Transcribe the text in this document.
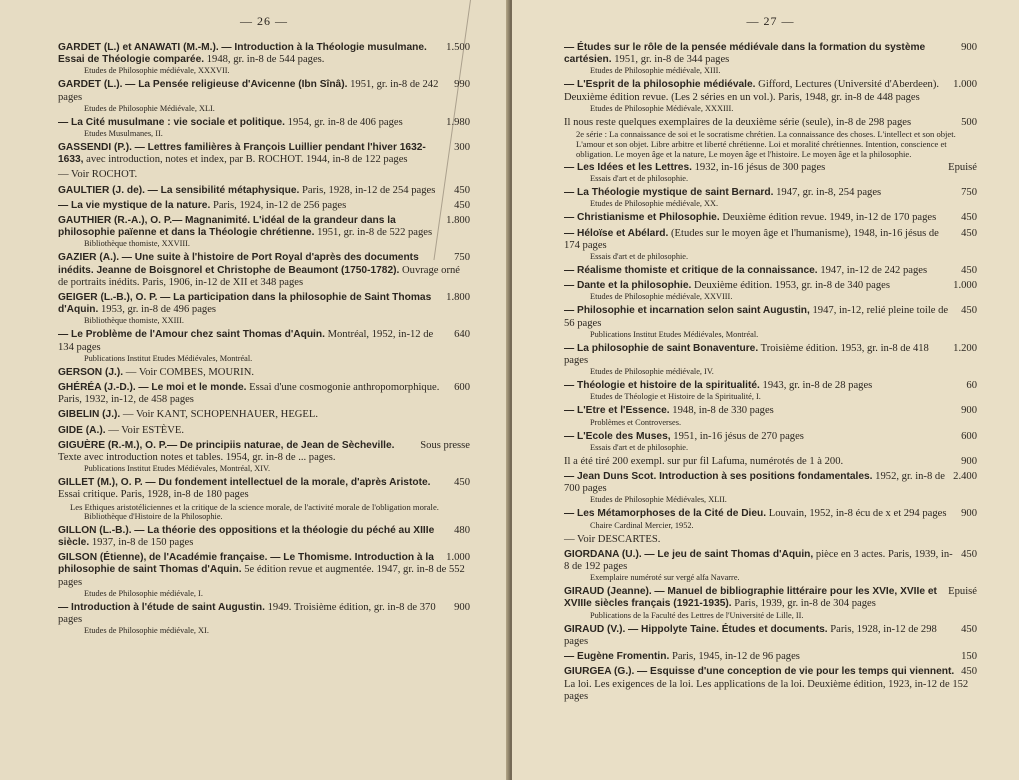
— 26 —
1.500
GARDET (L.) et ANAWATI (M.-M.). — Introduction à la Théologie musulmane. Essai de Théologie comparée. 1948, gr. in-8 de 544 pages.
Etudes de Philosophie médiévale, XXXVII.
990
GARDET (L.). — La Pensée religieuse d'Avicenne (Ibn Sînâ). 1951, gr. in-8 de 242 pages
Etudes de Philosophie Médiévale, XLI.
1.980
— La Cité musulmane : vie sociale et politique. 1954, gr. in-8 de 406 pages
Etudes Musulmanes, II.
300
GASSENDI (P.). — Lettres familières à François Luillier pendant l'hiver 1632-1633, avec introduction, notes et index, par B. ROCHOT. 1944, in-8 de 122 pages
— Voir ROCHOT.
450
GAULTIER (J. de). — La sensibilité métaphysique. Paris, 1928, in-12 de 254 pages
450
— La vie mystique de la nature. Paris, 1924, in-12 de 256 pages
1.800
GAUTHIER (R.-A.), O. P.— Magnanimité. L'idéal de la grandeur dans la philosophie païenne et dans la Théologie chrétienne. 1951, gr. in-8 de 522 pages
Bibliothèque thomiste, XXVIII.
750
GAZIER (A.). — Une suite à l'histoire de Port Royal d'après des documents inédits. Jeanne de Boisgnorel et Christophe de Beaumont (1750-1782). Ouvrage orné de portraits inédits. Paris, 1906, in-12 de XII et 348 pages
1.800
GEIGER (L.-B.), O. P. — La participation dans la philosophie de Saint Thomas d'Aquin. 1953, gr. in-8 de 496 pages
Bibliothèque thomiste, XXIII.
640
— Le Problème de l'Amour chez saint Thomas d'Aquin. Montréal, 1952, in-12 de 134 pages
Publications Institut Etudes Médiévales, Montréal.
GERSON (J.). — Voir COMBES, MOURIN.
600
GHÉRÉA (J.-D.). — Le moi et le monde. Essai d'une cosmogonie anthropomorphique. Paris, 1932, in-12, de 458 pages
GIBELIN (J.). — Voir KANT, SCHOPENHAUER, HEGEL.
GIDE (A.). — Voir ESTÈVE.
Sous presse
GIGUÈRE (R.-M.), O. P.— De principiis naturae, de Jean de Sècheville. Texte avec introduction notes et tables. 1954, gr. in-8 de ... pages.
Publications Institut Etudes Médiévales, Montréal, XIV.
450
GILLET (M.), O. P. — Du fondement intellectuel de la morale, d'après Aristote. Essai critique. Paris, 1928, in-8 de 180 pages
Les Ethiques aristotéliciennes et la critique de la science morale, de l'activité morale de l'obligation morale.
Bibliothèque d'Histoire de la Philosophie.
480
GILLON (L.-B.). — La théorie des oppositions et la théologie du péché au XIIIe siècle. 1937, in-8 de 150 pages
1.000
GILSON (Étienne), de l'Académie française. — Le Thomisme. Introduction à la philosophie de saint Thomas d'Aquin. 5e édition revue et augmentée. 1947, gr. in-8 de 552 pages
Etudes de Philosophie médiévale, I.
900
— Introduction à l'étude de saint Augustin. 1949. Troisième édition, gr. in-8 de 370 pages
Etudes de Philosophie médiévale, XI.
— 27 —
900
— Études sur le rôle de la pensée médiévale dans la formation du système cartésien. 1951, gr. in-8 de 344 pages
Etudes de Philosophie médiévale, XIII.
1.000
— L'Esprit de la philosophie médiévale. Gifford, Lectures (Université d'Aberdeen). Deuxième édition revue. (Les 2 séries en un vol.). Paris, 1948, gr. in-8 de 448 pages
Etudes de Philosophie Médiévale, XXXIII.
500
Il nous reste quelques exemplaires de la deuxième série (seule), in-8 de 298 pages
2e série : La connaissance de soi et le socratisme chrétien. La connaissance des choses. L'intellect et son objet. L'amour et son objet. Libre arbitre et liberté chrétienne. Loi et moralité chrétiennes. Intention, conscience et obligation. Le moyen âge et la nature, Le moyen âge et l'histoire. Le moyen âge et la philosophie.
Epuisé
— Les Idées et les Lettres. 1932, in-16 jésus de 300 pages
Essais d'art et de philosophie.
750
— La Théologie mystique de saint Bernard. 1947, gr. in-8, 254 pages
Etudes de Philosophie médiévale, XX.
450
— Christianisme et Philosophie. Deuxième édition revue. 1949, in-12 de 170 pages
450
— Héloïse et Abélard. (Etudes sur le moyen âge et l'humanisme), 1948, in-16 jésus de 174 pages
Essais d'art et de philosophie.
450
— Réalisme thomiste et critique de la connaissance. 1947, in-12 de 242 pages
1.000
— Dante et la philosophie. Deuxième édition. 1953, gr. in-8 de 340 pages
Etudes de Philosophie médiévale, XXVIII.
450
— Philosophie et incarnation selon saint Augustin, 1947, in-12, relié pleine toile de 56 pages
Publications Institut Etudes Médiévales, Montréal.
1.200
— La philosophie de saint Bonaventure. Troisième édition. 1953, gr. in-8 de 418 pages
Etudes de Philosophie médiévale, IV.
60
— Théologie et histoire de la spiritualité. 1943, gr. in-8 de 28 pages
Etudes de Théologie et Histoire de la Spiritualité, I.
900
— L'Etre et l'Essence. 1948, in-8 de 330 pages
Problèmes et Controverses.
600
— L'Ecole des Muses, 1951, in-16 jésus de 270 pages
Essais d'art et de philosophie.
900
Il a été tiré 200 exempl. sur pur fil Lafuma, numérotés de 1 à 200.
2.400
— Jean Duns Scot. Introduction à ses positions fondamentales. 1952, gr. in-8 de 700 pages
Etudes de Philosophie Médiévales, XLII.
900
— Les Métamorphoses de la Cité de Dieu. Louvain, 1952, in-8 écu de x et 294 pages
Chaire Cardinal Mercier, 1952.
— Voir DESCARTES.
450
GIORDANA (U.). — Le jeu de saint Thomas d'Aquin, pièce en 3 actes. Paris, 1939, in-8 de 192 pages
Exemplaire numéroté sur vergé alfa Navarre.
Epuisé
GIRAUD (Jeanne). — Manuel de bibliographie littéraire pour les XVIe, XVIIe et XVIIIe siècles français (1921-1935). Paris, 1939, gr. in-8 de 304 pages
Publications de la Faculté des Lettres de l'Université de Lille, II.
450
GIRAUD (V.). — Hippolyte Taine. Études et documents. Paris, 1928, in-12 de 298 pages
150
— Eugène Fromentin. Paris, 1945, in-12 de 96 pages
450
GIURGEA (G.). — Esquisse d'une conception de vie pour les temps qui viennent. La loi. Les exigences de la loi. Les applications de la loi. Deuxième édition, 1923, in-12 de 152 pages
